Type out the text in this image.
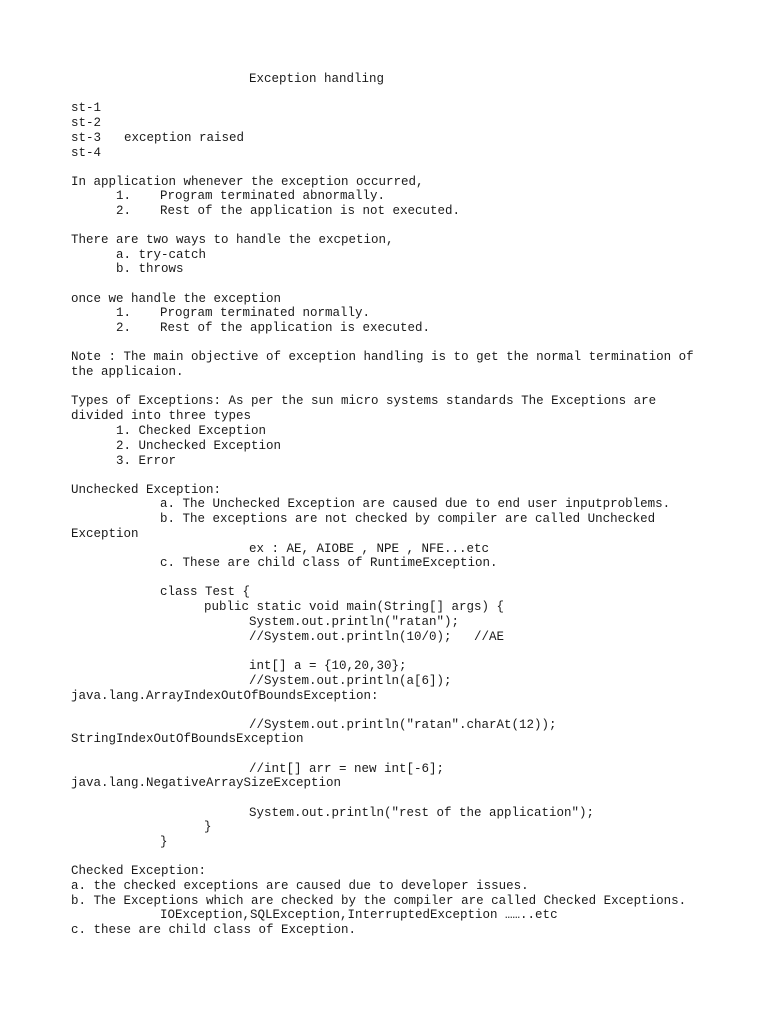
Exception handling
st-1
st-2
st-3 exception raised
st-4
In application whenever the exception occurred,
1. Program terminated abnormally.
2. Rest of the application is not executed.
There are two ways to handle the excpetion,
a. try-catch
b. throws
once we handle the exception
1. Program terminated normally.
2. Rest of the application is executed.
Note : The main objective of exception handling is to get the normal termination of
the applicaion.
Types of Exceptions: As per the sun micro systems standards The Exceptions are
divided into three types
1. Checked Exception
2. Unchecked Exception
3. Error
Unchecked Exception:
a. The Unchecked Exception are caused due to end user inputproblems.
b. The exceptions are not checked by compiler are called Unchecked
Exception
ex : AE, AIOBE , NPE , NFE...etc
c. These are child class of RuntimeException.
class Test {
public static void main(String[] args) {
System.out.println("ratan");
//System.out.println(10/0);   //AE
int[] a = {10,20,30};
//System.out.println(a[6]);
java.lang.ArrayIndexOutOfBoundsException:
//System.out.println("ratan".charAt(12));
StringIndexOutOfBoundsException
//int[] arr = new int[-6];
java.lang.NegativeArraySizeException
System.out.println("rest of the application");
}
}
Checked Exception:
a. the checked exceptions are caused due to developer issues.
b. The Exceptions which are checked by the compiler are called Checked Exceptions.
IOException,SQLException,InterruptedException ……..etc
c. these are child class of Exception.
